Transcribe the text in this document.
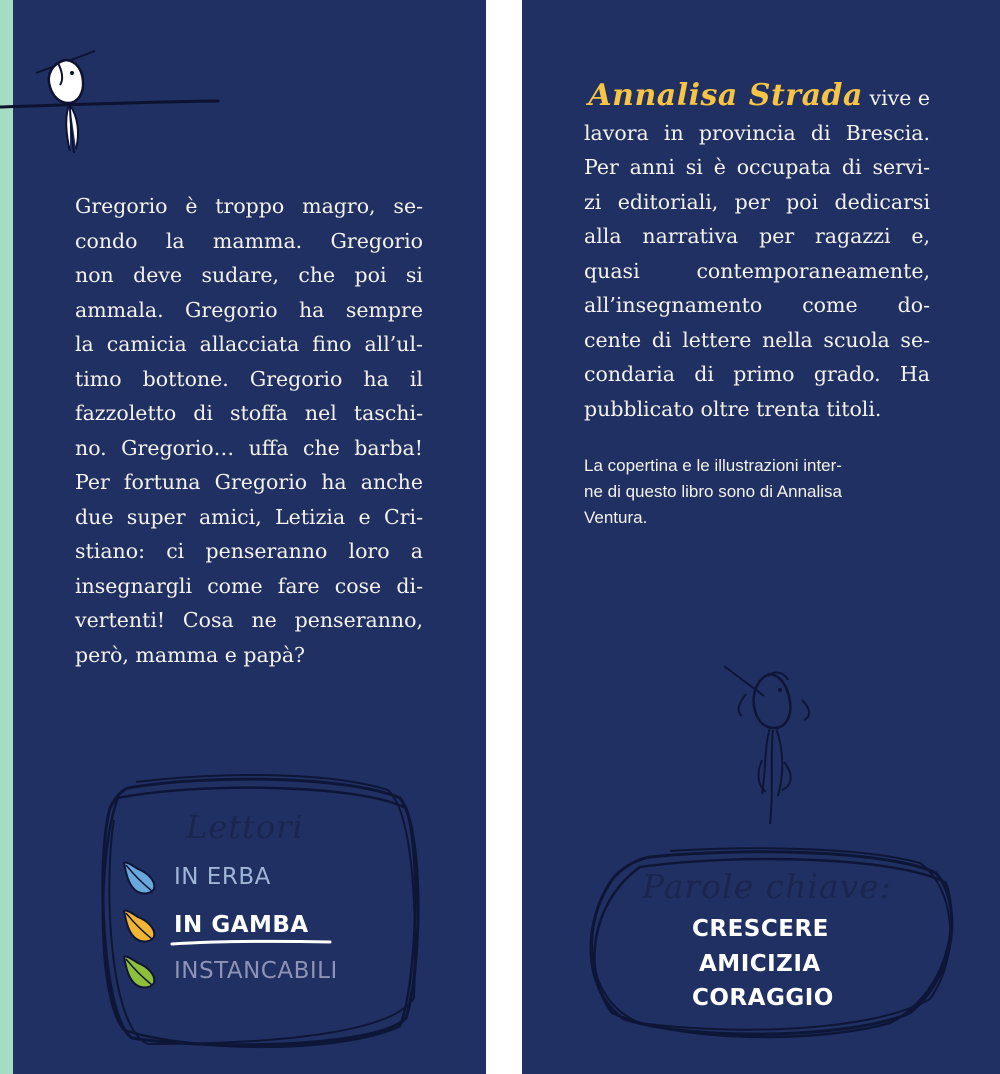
Gregorio è troppo magro, se-
condo la mamma. Gregorio
non deve sudare, che poi si
ammala. Gregorio ha sempre
la camicia allacciata fino all’ul-
timo bottone. Gregorio ha il
fazzoletto di stoffa nel taschi-
no. Gregorio… uffa che barba!
Per fortuna Gregorio ha anche
due super amici, Letizia e Cri-
stiano: ci penseranno loro a
insegnargli come fare cose di-
vertenti! Cosa ne penseranno,
però, mamma e papà?
Lettori
IN ERBA
IN GAMBA
INSTANCABILI
Annalisa Strada vive e
lavora in provincia di Brescia.
Per anni si è occupata di servi-
zi editoriali, per poi dedicarsi
alla narrativa per ragazzi e,
quasi contemporaneamente,
all’insegnamento come do-
cente di lettere nella scuola se-
condaria di primo grado. Ha
pubblicato oltre trenta titoli.
La copertina e le illustrazioni inter-
ne di questo libro sono di Annalisa
Ventura.
Parole chiave:
CRESCERE
AMICIZIA
CORAGGIO
